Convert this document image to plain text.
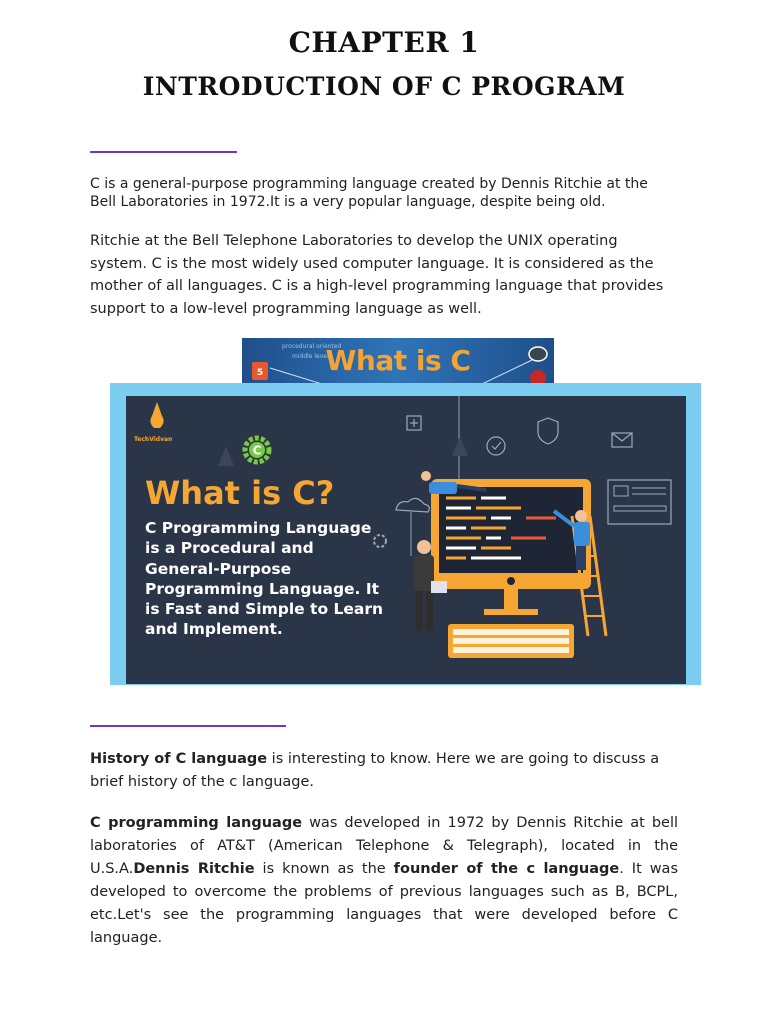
CHAPTER 1
INTRODUCTION OF C PROGRAM

C is a general-purpose programming language created by Dennis Ritchie at the Bell Laboratories in 1972.It is a very popular language, despite being old.

Ritchie at the Bell Telephone Laboratories to develop the UNIX operating system. C is the most widely used computer language. It is considered as the mother of all languages. C is a high-level programming language that provides support to a low-level programming language as well.

5
procedural oriented
middle level
What is C
C
TechVidvan
What is C?

C Programming Language is a Procedural and General-Purpose Programming Language. It is Fast and Simple to Learn and Implement.

History of C language is interesting to know. Here we are going to discuss a brief history of the c language.

C programming language was developed in 1972 by Dennis Ritchie at bell laboratories of AT&T (American Telephone & Telegraph), located in the U.S.A.Dennis Ritchie is known as the founder of the c language. It was developed to overcome the problems of previous languages such as B, BCPL, etc.Let's see the programming languages that were developed before C language.
